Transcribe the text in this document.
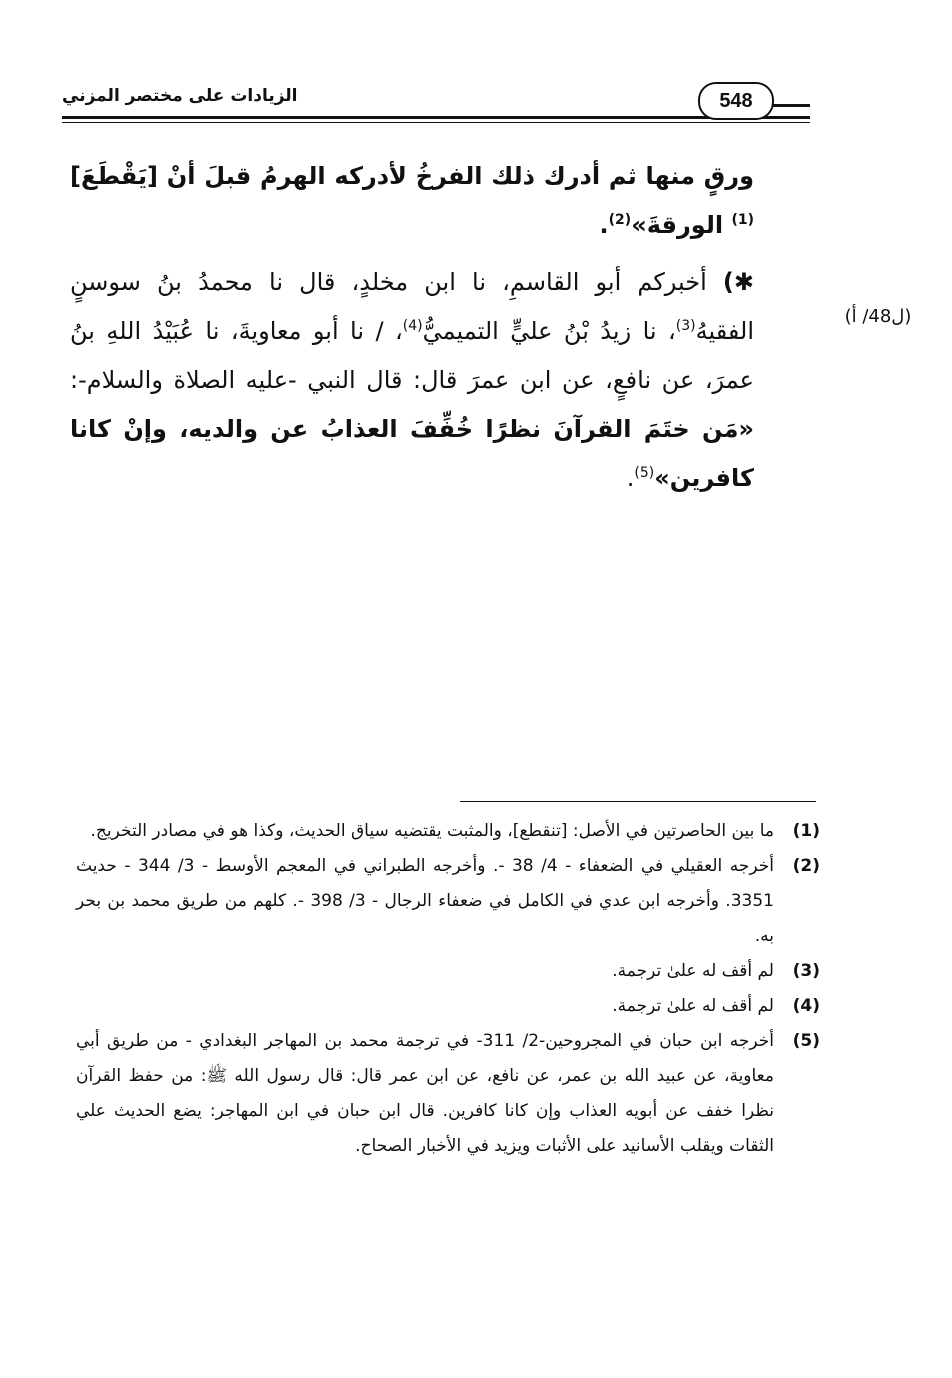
الزيادات على مختصر المزني	548
(ل48/ أ)

ورقٍ منها ثم أدرك ذلك الفرخُ لأدركه الهرمُ قبلَ أنْ [يَقْطَعَ]$^{(1)}$ الورقةَ»$^{(2)}$.

✱) أخبركم أبو القاسمِ، نا ابن مخلدٍ، قال نا محمدُ بنُ سوسنٍ الفقيهُ$^{(3)}$، نا زيدُ بْنُ عليٍّ التميميُّ$^{(4)}$، / نا أبو معاويةَ، نا عُبَيْدُ اللهِ بنُ عمرَ، عن نافعٍ، عن ابن عمرَ قال: قال النبي -عليه الصلاة والسلام-: «مَن ختَمَ القرآنَ نظرًا خُفِّفَ العذابُ عن والديه، وإنْ كانا كافرين»$^{(5)}$.

(1)
ما بين الحاصرتين في الأصل: [تنقطع]، والمثبت يقتضيه سياق الحديث، وكذا هو في مصادر التخريج.
(2)
أخرجه العقيلي في الضعفاء - 4/ 38 -. وأخرجه الطبراني في المعجم الأوسط - 3/ 344 - حديث 3351. وأخرجه ابن عدي في الكامل في ضعفاء الرجال - 3/ 398 -. كلهم من طريق محمد بن بحر به.
(3)
لم أقف له علىٰ ترجمة.
(4)
لم أقف له علىٰ ترجمة.
(5)
أخرجه ابن حبان في المجروحين-2/ 311- في ترجمة محمد بن المهاجر البغدادي - من طريق أبي معاوية، عن عبيد الله بن عمر، عن نافع، عن ابن عمر قال: قال رسول الله ﷺ: من حفظ القرآن نظرا خفف عن أبويه العذاب وإن كانا كافرين. قال ابن حبان في ابن المهاجر: يضع الحديث علي الثقات ويقلب الأسانيد على الأثبات ويزيد في الأخبار الصحاح.
